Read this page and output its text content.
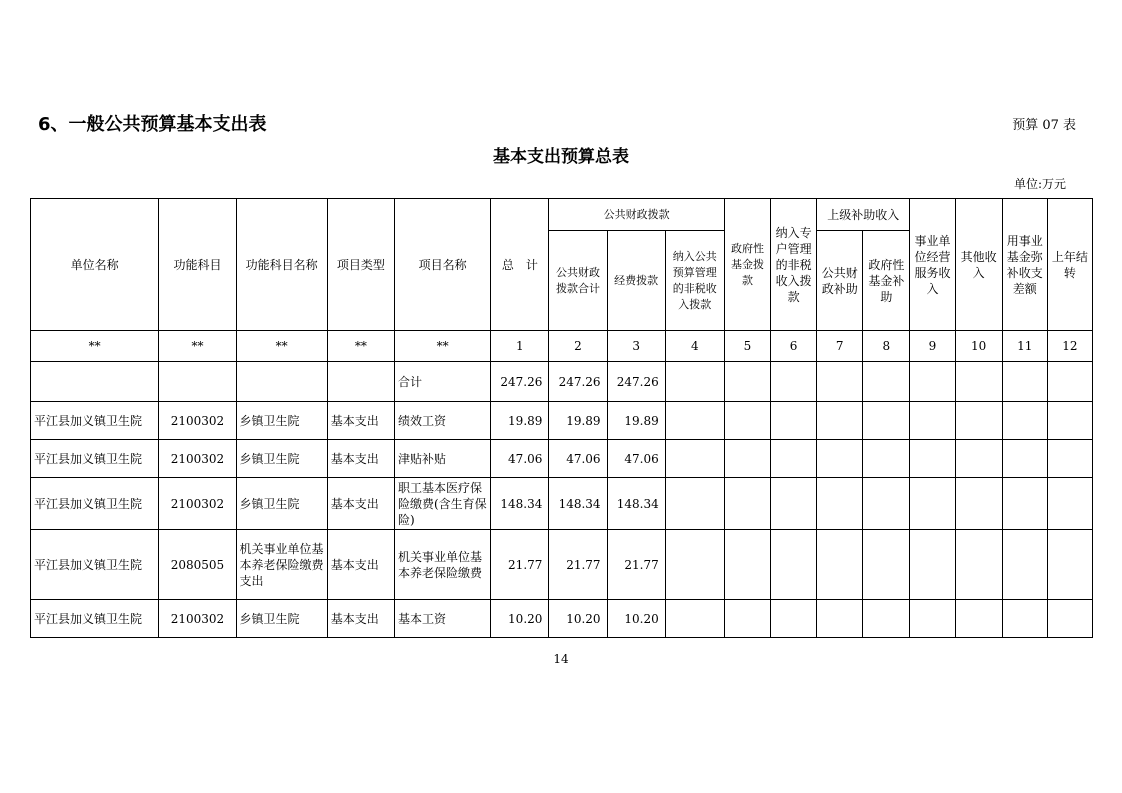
6、一般公共预算基本支出表	预算 07 表
基本支出预算总表
单位:万元
单位名称	功能科目	功能科目名称	项目类型	项目名称	总　计	公共财政拨款			政府性基金拨款	纳入专户管理的非税收入拨款	上级补助收入		事业单位经营服务收入	其他收入	用事业基金弥补收支差额	上年结转
						公共财政拨款合计	经费拨款	纳入公共预算管理的非税收入拨款			公共财政补助	政府性基金补助				
**	**	**	**	**	1	2	3	4	5	6	7	8	9	10	11	12
				合计	247.26	247.26	247.26									
平江县加义镇卫生院	2100302	乡镇卫生院	基本支出	绩效工资	19.89	19.89	19.89									
平江县加义镇卫生院	2100302	乡镇卫生院	基本支出	津贴补贴	47.06	47.06	47.06									
平江县加义镇卫生院	2100302	乡镇卫生院	基本支出	职工基本医疗保险缴费(含生育保险)	148.34	148.34	148.34									
平江县加义镇卫生院	2080505	机关事业单位基本养老保险缴费支出	基本支出	机关事业单位基本养老保险缴费	21.77	21.77	21.77									
平江县加义镇卫生院	2100302	乡镇卫生院	基本支出	基本工资	10.20	10.20	10.20									
14
